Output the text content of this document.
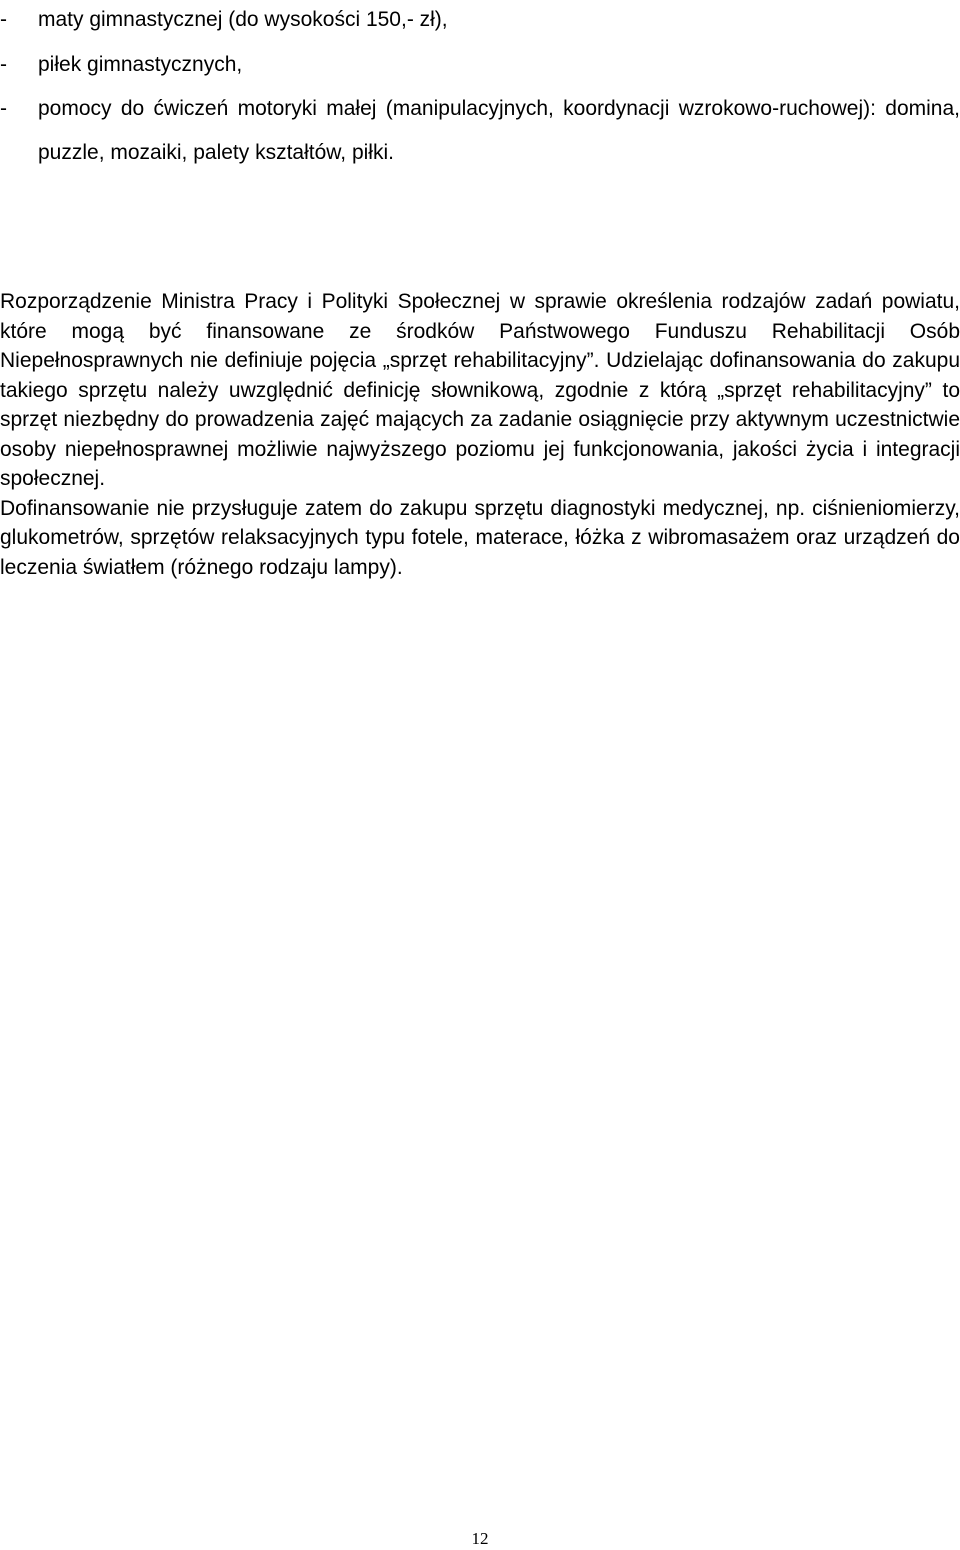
- maty gimnastycznej (do wysokości 150,- zł),
- piłek gimnastycznych,
- pomocy do ćwiczeń motoryki małej (manipulacyjnych, koordynacji wzrokowo-ruchowej): domina, puzzle, mozaiki, palety kształtów, piłki.

Rozporządzenie Ministra Pracy i Polityki Społecznej w sprawie określenia rodzajów zadań powiatu, które mogą być finansowane ze środków Państwowego Funduszu Rehabilitacji Osób Niepełnosprawnych nie definiuje pojęcia „sprzęt rehabilitacyjny”. Udzielając dofinansowania do zakupu takiego sprzętu należy uwzględnić definicję słownikową, zgodnie z którą „sprzęt rehabilitacyjny” to sprzęt niezbędny do prowadzenia zajęć mających za zadanie osiągnięcie przy aktywnym uczestnictwie osoby niepełnosprawnej możliwie najwyższego poziomu jej funkcjonowania, jakości życia i integracji społecznej.

Dofinansowanie nie przysługuje zatem do zakupu sprzętu diagnostyki medycznej, np. ciśnieniomierzy, glukometrów, sprzętów relaksacyjnych typu fotele, materace, łóżka z wibromasażem oraz urządzeń do leczenia światłem (różnego rodzaju lampy).

12
